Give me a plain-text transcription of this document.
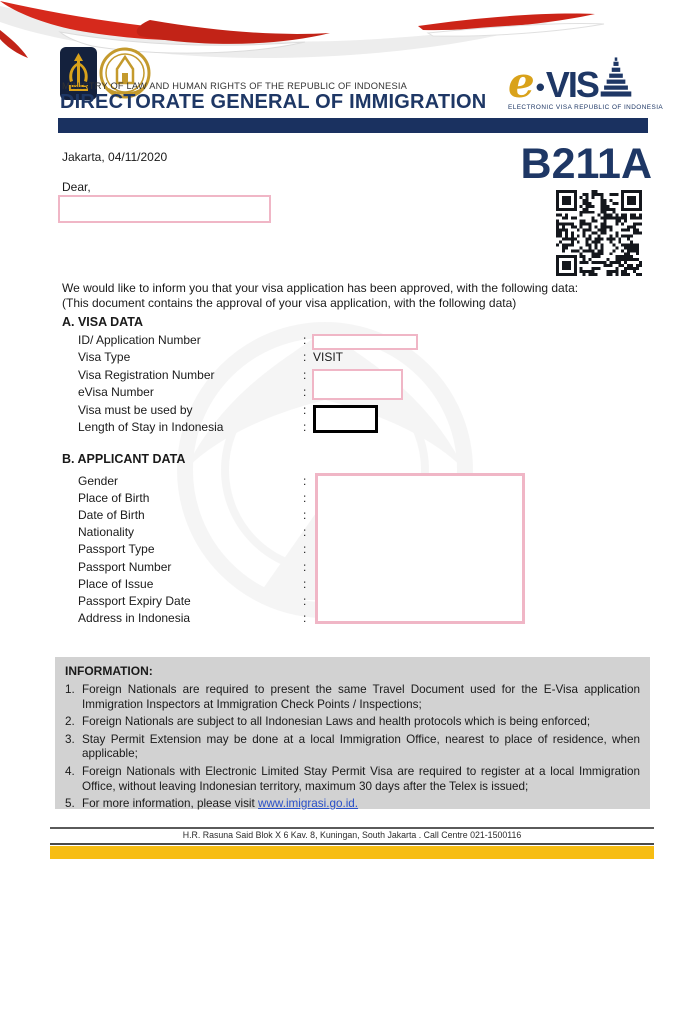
MINISTRY OF LAW AND HUMAN RIGHTS OF THE REPUBLIC OF INDONESIA
DIRECTORATE GENERAL OF IMMIGRATION e • VIS
ELECTRONIC VISA REPUBLIC OF INDONESIA
Jakarta, 04/11/2020
Dear,	B211A
We would like to inform you that your visa application has been approved, with the following data:
(This document contains the approval of your visa application, with the following data)
A. VISA DATA
ID/ Application Number	:
Visa Type	: VISIT
Visa Registration Number	:
eVisa Number	:
Visa must be used by	:
Length of Stay in Indonesia	:
B. APPLICANT DATA
Gender	:
Place of Birth	:
Date of Birth	:
Nationality	:
Passport Type	:
Passport Number	:
Place of Issue	:
Passport Expiry Date	:
Address in Indonesia	:
INFORMATION:
1. Foreign Nationals are required to present the same Travel Document used for the E-Visa application Immigration Inspectors at Immigration Check Points / Inspections;
2. Foreign Nationals are subject to all Indonesian Laws and health protocols which is being enforced;
3. Stay Permit Extension may be done at a local Immigration Office, nearest to place of residence, when applicable;
4. Foreign Nationals with Electronic Limited Stay Permit Visa are required to register at a local Immigration Office, without leaving Indonesian territory, maximum 30 days after the Telex is issued;
5. For more information, please visit www.imigrasi.go.id.
H.R. Rasuna Said Blok X 6 Kav. 8, Kuningan, South Jakarta . Call Centre 021-1500116
